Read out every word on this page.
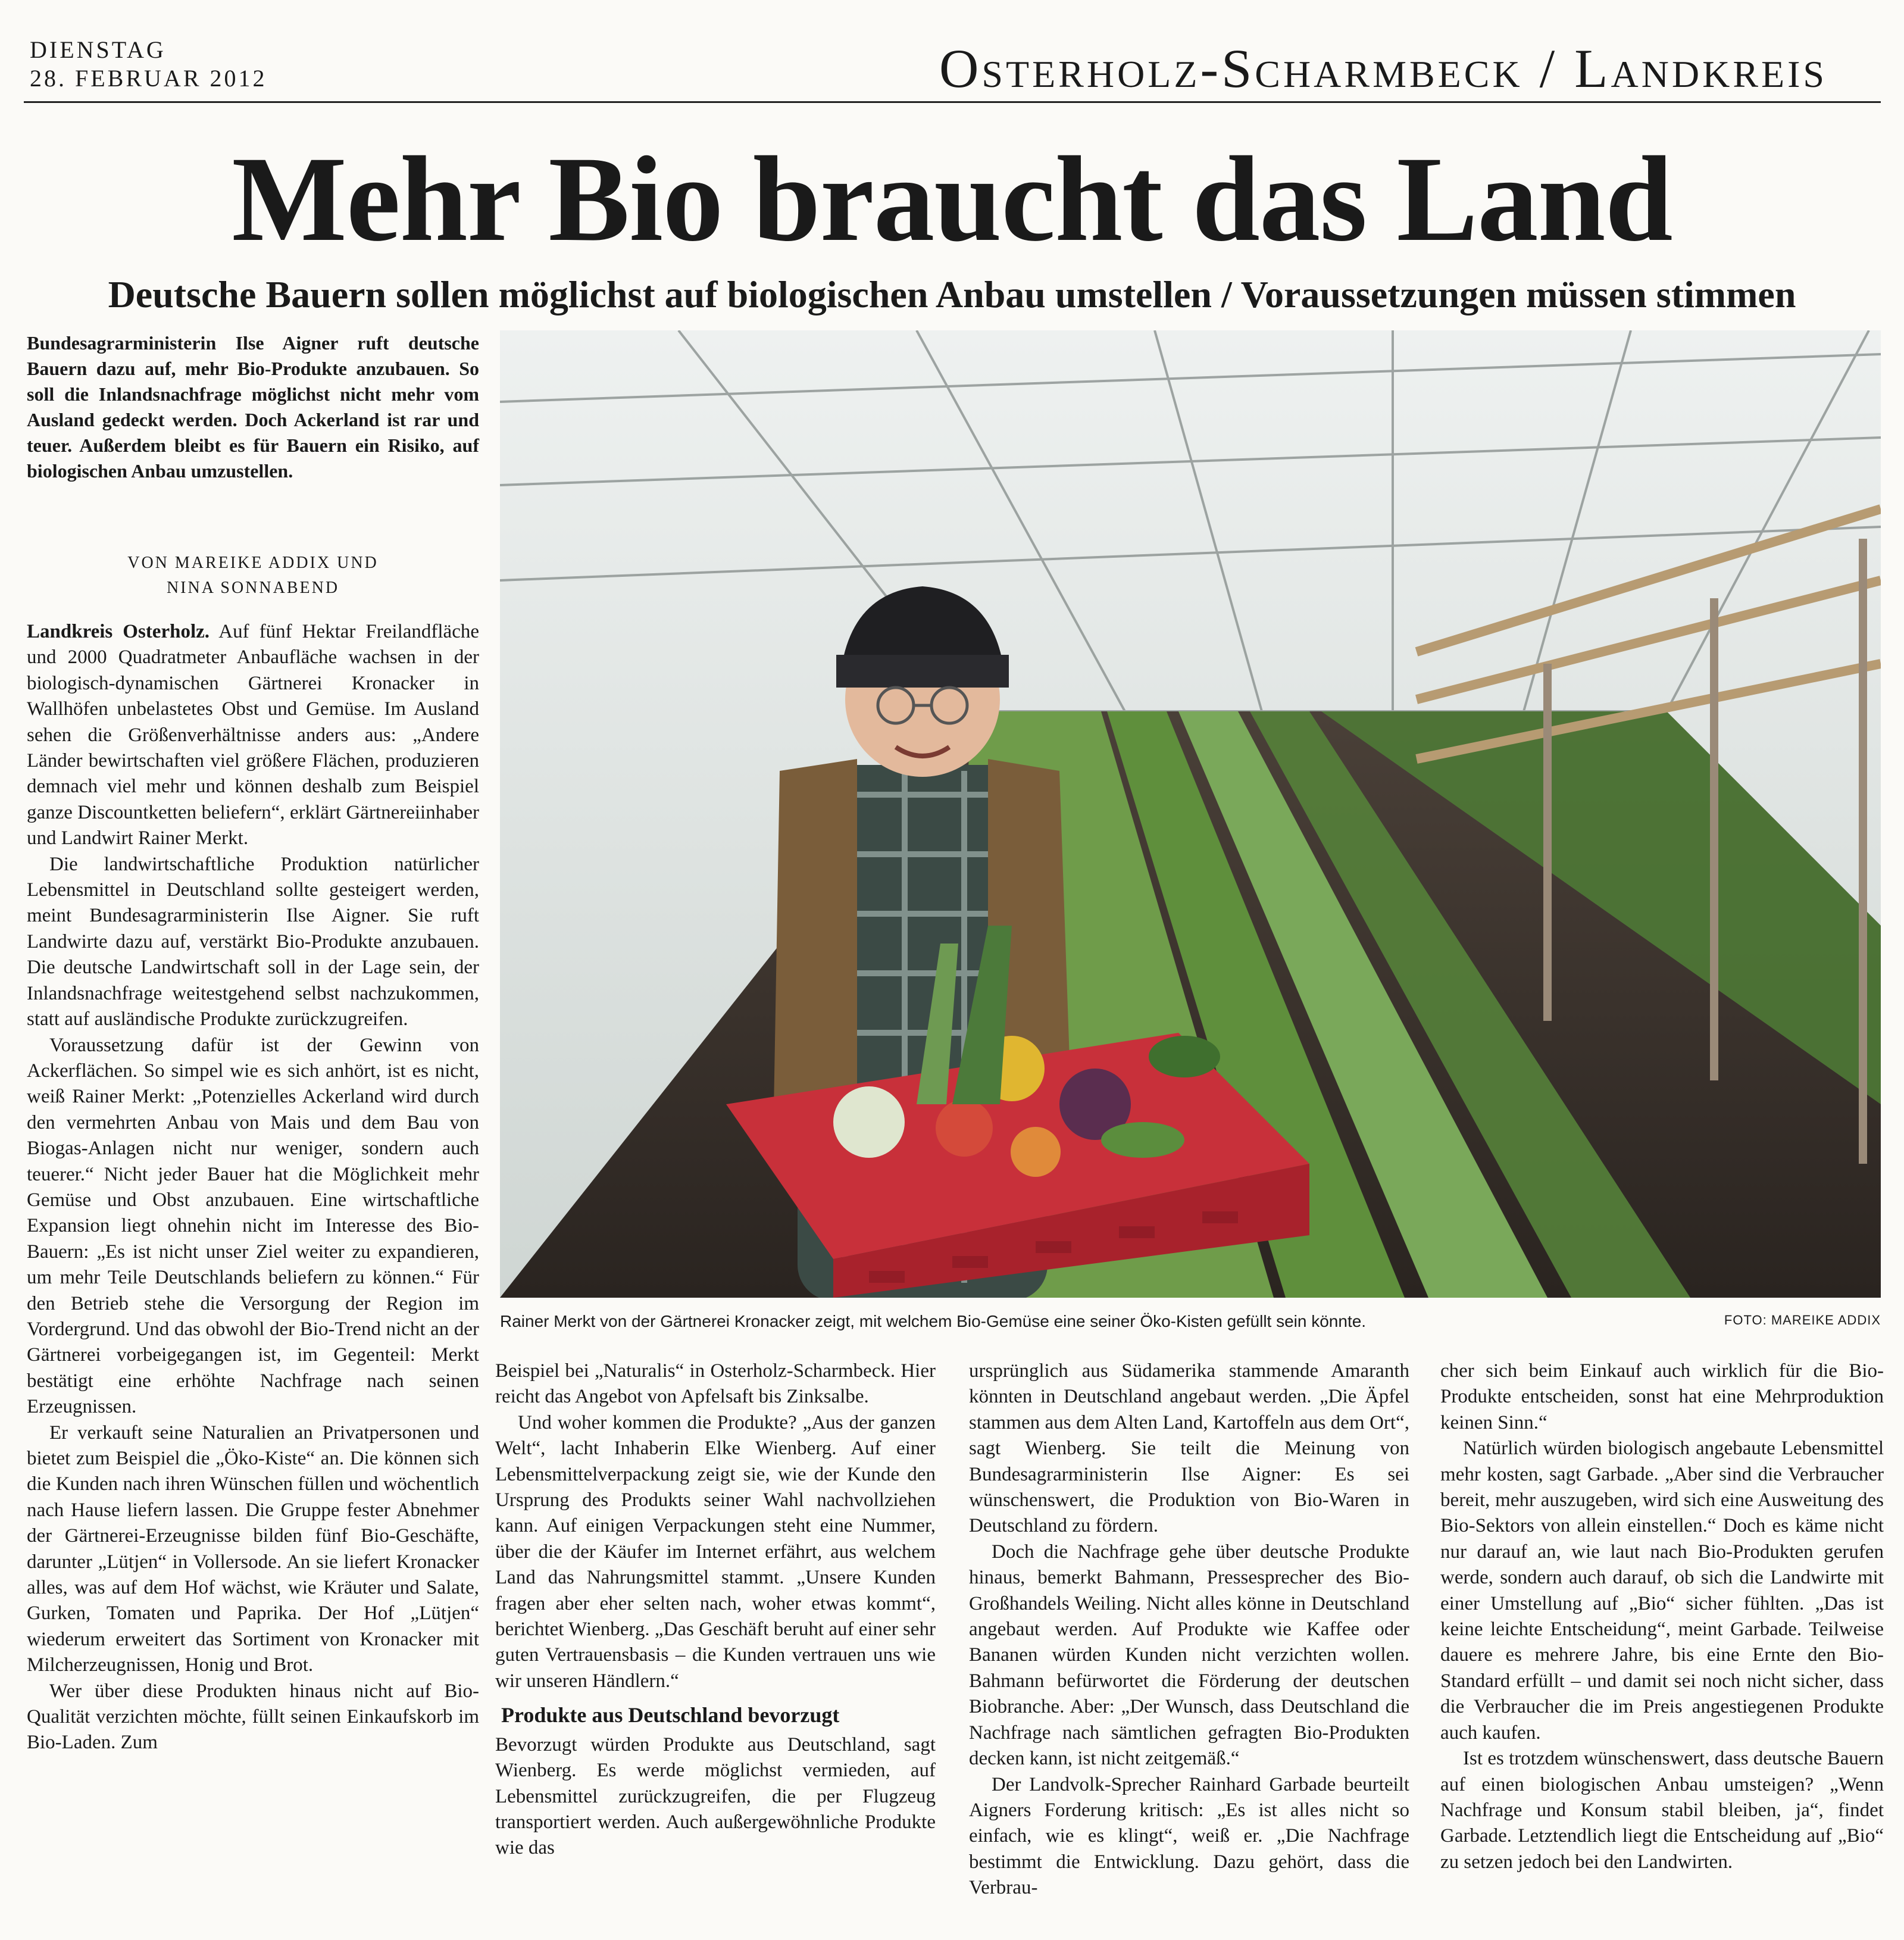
DIENSTAG
28. FEBRUAR 2012	Osterholz-Scharmbeck / Landkreis
Mehr Bio braucht das Land
Deutsche Bauern sollen möglichst auf biologischen Anbau umstellen / Voraussetzungen müssen stimmen
Bundesagrarministerin Ilse Aigner ruft deutsche Bauern dazu auf, mehr Bio-Produkte anzubauen. So soll die Inlandsnachfrage möglichst nicht mehr vom Ausland gedeckt werden. Doch Ackerland ist rar und teuer. Außerdem bleibt es für Bauern ein Risiko, auf biologischen Anbau umzustellen.
VON MAREIKE ADDIX UND
NINA SONNABEND

Landkreis Osterholz. Auf fünf Hektar Freilandfläche und 2000 Quadratmeter Anbaufläche wachsen in der biologisch-dynamischen Gärtnerei Kronacker in Wallhöfen unbelastetes Obst und Gemüse. Im Ausland sehen die Größenverhältnisse anders aus: „Andere Länder bewirtschaften viel größere Flächen, produzieren demnach viel mehr und können deshalb zum Beispiel ganze Discountketten beliefern“, erklärt Gärtnereiinhaber und Landwirt Rainer Merkt.

Die landwirtschaftliche Produktion natürlicher Lebensmittel in Deutschland sollte gesteigert werden, meint Bundesagrarministerin Ilse Aigner. Sie ruft Landwirte dazu auf, verstärkt Bio-Produkte anzubauen. Die deutsche Landwirtschaft soll in der Lage sein, der Inlandsnachfrage weitestgehend selbst nachzukommen, statt auf ausländische Produkte zurückzugreifen.

Voraussetzung dafür ist der Gewinn von Ackerflächen. So simpel wie es sich anhört, ist es nicht, weiß Rainer Merkt: „Potenzielles Ackerland wird durch den vermehrten Anbau von Mais und dem Bau von Biogas-Anlagen nicht nur weniger, sondern auch teuerer.“ Nicht jeder Bauer hat die Möglichkeit mehr Gemüse und Obst anzubauen. Eine wirtschaftliche Expansion liegt ohnehin nicht im Interesse des Bio-Bauern: „Es ist nicht unser Ziel weiter zu expandieren, um mehr Teile Deutschlands beliefern zu können.“ Für den Betrieb stehe die Versorgung der Region im Vordergrund. Und das obwohl der Bio-Trend nicht an der Gärtnerei vorbeigegangen ist, im Gegenteil: Merkt bestätigt eine erhöhte Nachfrage nach seinen Erzeugnissen.

Er verkauft seine Naturalien an Privatpersonen und bietet zum Beispiel die „Öko-Kiste“ an. Die können sich die Kunden nach ihren Wünschen füllen und wöchentlich nach Hause liefern lassen. Die Gruppe fester Abnehmer der Gärtnerei-Erzeugnisse bilden fünf Bio-Geschäfte, darunter „Lütjen“ in Vollersode. An sie liefert Kronacker alles, was auf dem Hof wächst, wie Kräuter und Salate, Gurken, Tomaten und Paprika. Der Hof „Lütjen“ wiederum erweitert das Sortiment von Kronacker mit Milcherzeugnissen, Honig und Brot.

Wer über diese Produkten hinaus nicht auf Bio-Qualität verzichten möchte, füllt seinen Einkaufskorb im Bio-Laden. Zum

Rainer Merkt von der Gärtnerei Kronacker zeigt, mit welchem Bio-Gemüse eine seiner Öko-Kisten gefüllt sein könnte.	FOTO: MAREIKE ADDIX

Beispiel bei „Naturalis“ in Osterholz-Scharmbeck. Hier reicht das Angebot von Apfelsaft bis Zinksalbe.

Und woher kommen die Produkte? „Aus der ganzen Welt“, lacht Inhaberin Elke Wienberg. Auf einer Lebensmittelverpackung zeigt sie, wie der Kunde den Ursprung des Produkts seiner Wahl nachvollziehen kann. Auf einigen Verpackungen steht eine Nummer, über die der Käufer im Internet erfährt, aus welchem Land das Nahrungsmittel stammt. „Unsere Kunden fragen aber eher selten nach, woher etwas kommt“, berichtet Wienberg. „Das Geschäft beruht auf einer sehr guten Vertrauensbasis – die Kunden vertrauen uns wie wir unseren Händlern.“

Produkte aus Deutschland bevorzugt

Bevorzugt würden Produkte aus Deutschland, sagt Wienberg. Es werde möglichst vermieden, auf Lebensmittel zurückzugreifen, die per Flugzeug transportiert werden. Auch außergewöhnliche Produkte wie das

ursprünglich aus Südamerika stammende Amaranth könnten in Deutschland angebaut werden. „Die Äpfel stammen aus dem Alten Land, Kartoffeln aus dem Ort“, sagt Wienberg. Sie teilt die Meinung von Bundesagrarministerin Ilse Aigner: Es sei wünschenswert, die Produktion von Bio-Waren in Deutschland zu fördern.

Doch die Nachfrage gehe über deutsche Produkte hinaus, bemerkt Bahmann, Pressesprecher des Bio-Großhandels Weiling. Nicht alles könne in Deutschland angebaut werden. Auf Produkte wie Kaffee oder Bananen würden Kunden nicht verzichten wollen. Bahmann befürwortet die Förderung der deutschen Biobranche. Aber: „Der Wunsch, dass Deutschland die Nachfrage nach sämtlichen gefragten Bio-Produkten decken kann, ist nicht zeitgemäß.“

Der Landvolk-Sprecher Rainhard Garbade beurteilt Aigners Forderung kritisch: „Es ist alles nicht so einfach, wie es klingt“, weiß er. „Die Nachfrage bestimmt die Entwicklung. Dazu gehört, dass die Verbrau-

cher sich beim Einkauf auch wirklich für die Bio-Produkte entscheiden, sonst hat eine Mehrproduktion keinen Sinn.“

Natürlich würden biologisch angebaute Lebensmittel mehr kosten, sagt Garbade. „Aber sind die Verbraucher bereit, mehr auszugeben, wird sich eine Ausweitung des Bio-Sektors von allein einstellen.“ Doch es käme nicht nur darauf an, wie laut nach Bio-Produkten gerufen werde, sondern auch darauf, ob sich die Landwirte mit einer Umstellung auf „Bio“ sicher fühlten. „Das ist keine leichte Entscheidung“, meint Garbade. Teilweise dauere es mehrere Jahre, bis eine Ernte den Bio-Standard erfüllt – und damit sei noch nicht sicher, dass die Verbraucher die im Preis angestiegenen Produkte auch kaufen.

Ist es trotzdem wünschenswert, dass deutsche Bauern auf einen biologischen Anbau umsteigen? „Wenn Nachfrage und Konsum stabil bleiben, ja“, findet Garbade. Letztendlich liegt die Entscheidung auf „Bio“ zu setzen jedoch bei den Landwirten.
